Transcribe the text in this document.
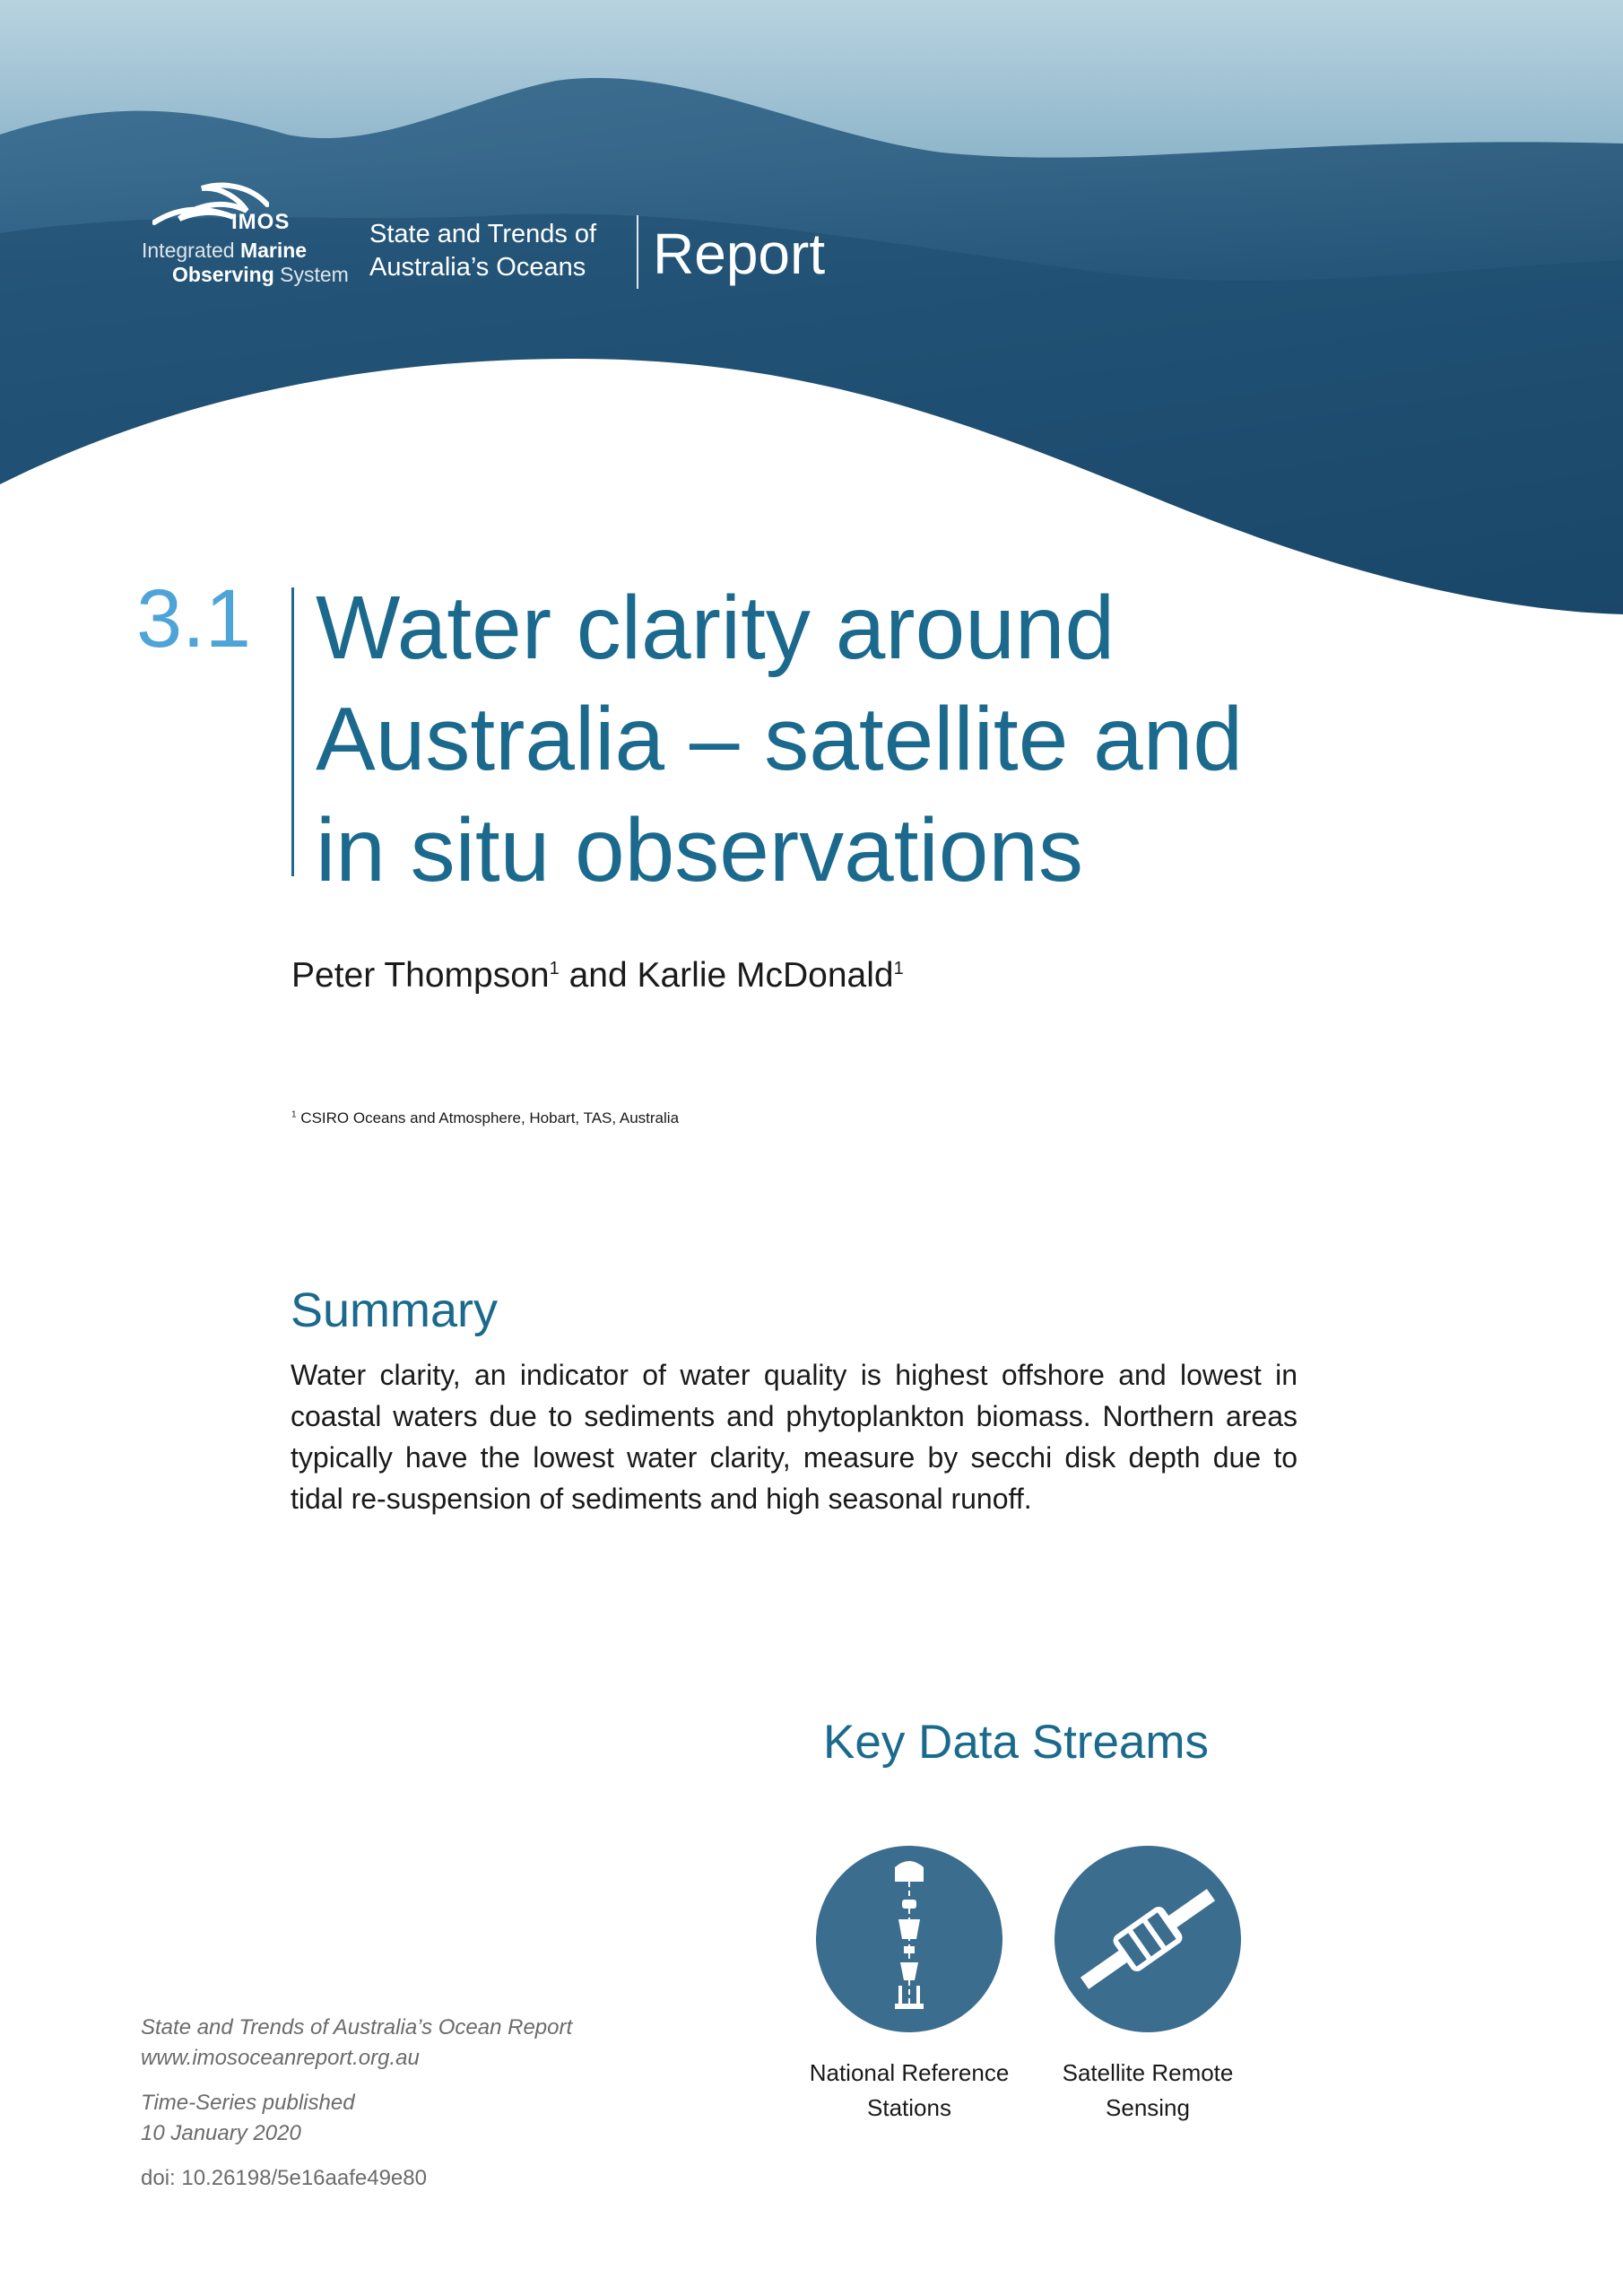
IMOS
Integrated Marine
Observing System
State and Trends of
Australia’s Oceans Report
3.1 Water clarity around
Australia – satellite and
in situ observations
Peter Thompson$^1$ and Karlie McDonald$^1$
$^1$ CSIRO Oceans and Atmosphere, Hobart, TAS, Australia
Summary

Water clarity, an indicator of water quality is highest offshore and lowest in coastal waters due to sediments and phytoplankton biomass. Northern areas typically have the lowest water clarity, measure by secchi disk depth due to tidal re-suspension of sediments and high seasonal runoff.

Key Data Streams
National Reference
Stations
Satellite Remote
Sensing
State and Trends of Australia’s Ocean Report
www.imosoceanreport.org.au
Time-Series published
10 January 2020
doi: 10.26198/5e16aafe49e80
